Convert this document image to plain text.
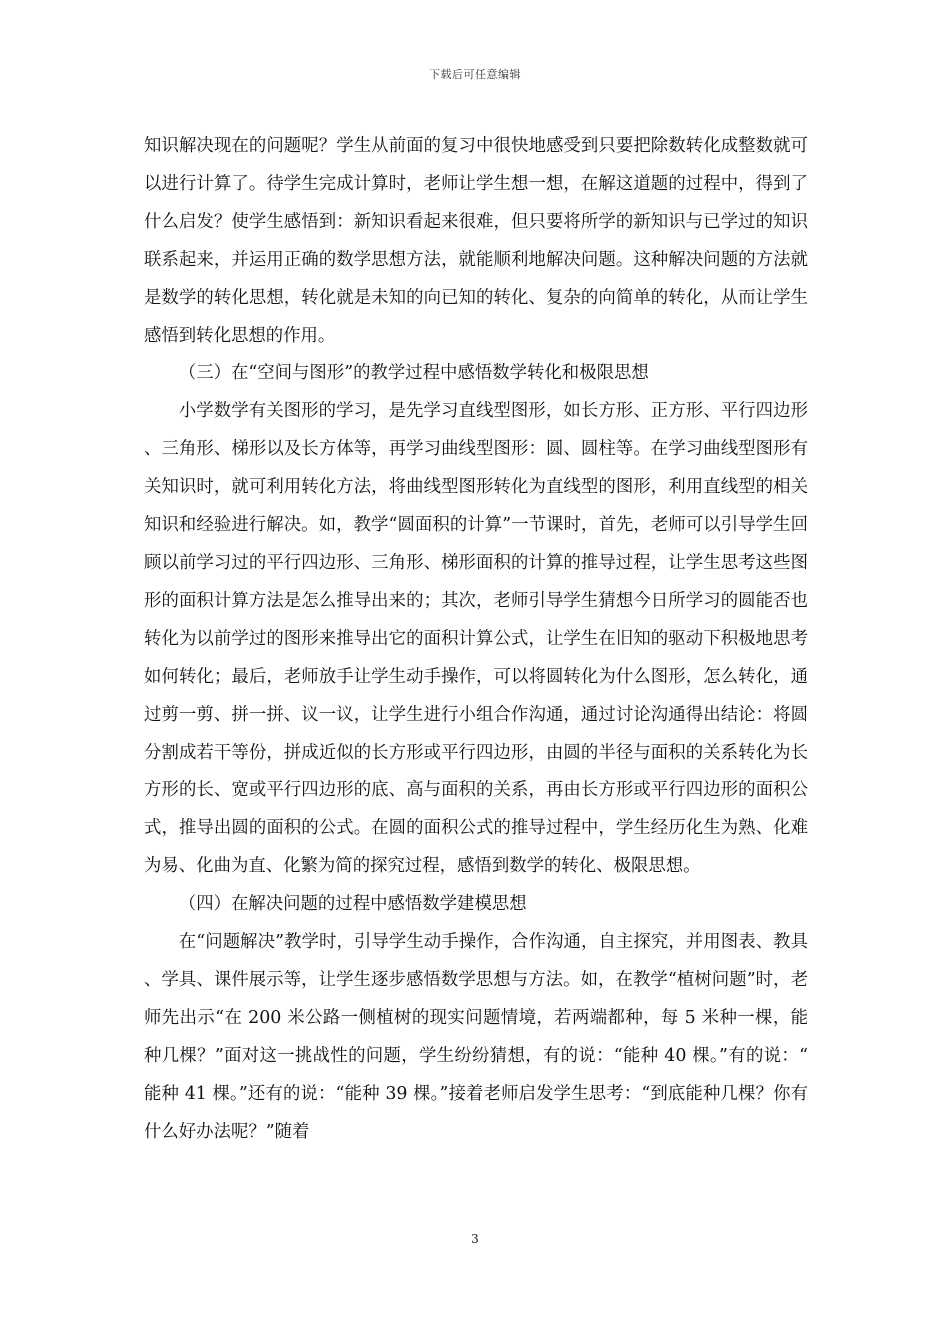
下载后可任意编辑

知识解决现在的问题呢？学生从前面的复习中很快地感受到只要把除数转化成整数就可以进行计算了。待学生完成计算时，老师让学生想一想，在解这道题的过程中，得到了什么启发？使学生感悟到：新知识看起来很难，但只要将所学的新知识与已学过的知识联系起来，并运用正确的数学思想方法，就能顺利地解决问题。这种解决问题的方法就是数学的转化思想，转化就是未知的向已知的转化、复杂的向简单的转化，从而让学生感悟到转化思想的作用。

（三）在“空间与图形”的教学过程中感悟数学转化和极限思想

小学数学有关图形的学习，是先学习直线型图形，如长方形、正方形、平行四边形、三角形、梯形以及长方体等，再学习曲线型图形：圆、圆柱等。在学习曲线型图形有关知识时，就可利用转化方法，将曲线型图形转化为直线型的图形，利用直线型的相关知识和经验进行解决。如，教学“圆面积的计算”一节课时，首先，老师可以引导学生回顾以前学习过的平行四边形、三角形、梯形面积的计算的推导过程，让学生思考这些图形的面积计算方法是怎么推导出来的；其次，老师引导学生猜想今日所学习的圆能否也转化为以前学过的图形来推导出它的面积计算公式，让学生在旧知的驱动下积极地思考如何转化；最后，老师放手让学生动手操作，可以将圆转化为什么图形，怎么转化，通过剪一剪、拼一拼、议一议，让学生进行小组合作沟通，通过讨论沟通得出结论：将圆分割成若干等份，拼成近似的长方形或平行四边形，由圆的半径与面积的关系转化为长方形的长、宽或平行四边形的底、高与面积的关系，再由长方形或平行四边形的面积公式，推导出圆的面积的公式。在圆的面积公式的推导过程中，学生经历化生为熟、化难为易、化曲为直、化繁为简的探究过程，感悟到数学的转化、极限思想。

（四）在解决问题的过程中感悟数学建模思想

在“问题解决”教学时，引导学生动手操作，合作沟通，自主探究，并用图表、教具、学具、课件展示等，让学生逐步感悟数学思想与方法。如，在教学“植树问题”时，老师先出示“在 200 米公路一侧植树的现实问题情境，若两端都种，每 5 米种一棵，能种几棵？”面对这一挑战性的问题，学生纷纷猜想，有的说：“能种 40 棵。”有的说：“能种 41 棵。”还有的说：“能种 39 棵。”接着老师启发学生思考：“到底能种几棵？你有什么好办法呢？”随着

3
